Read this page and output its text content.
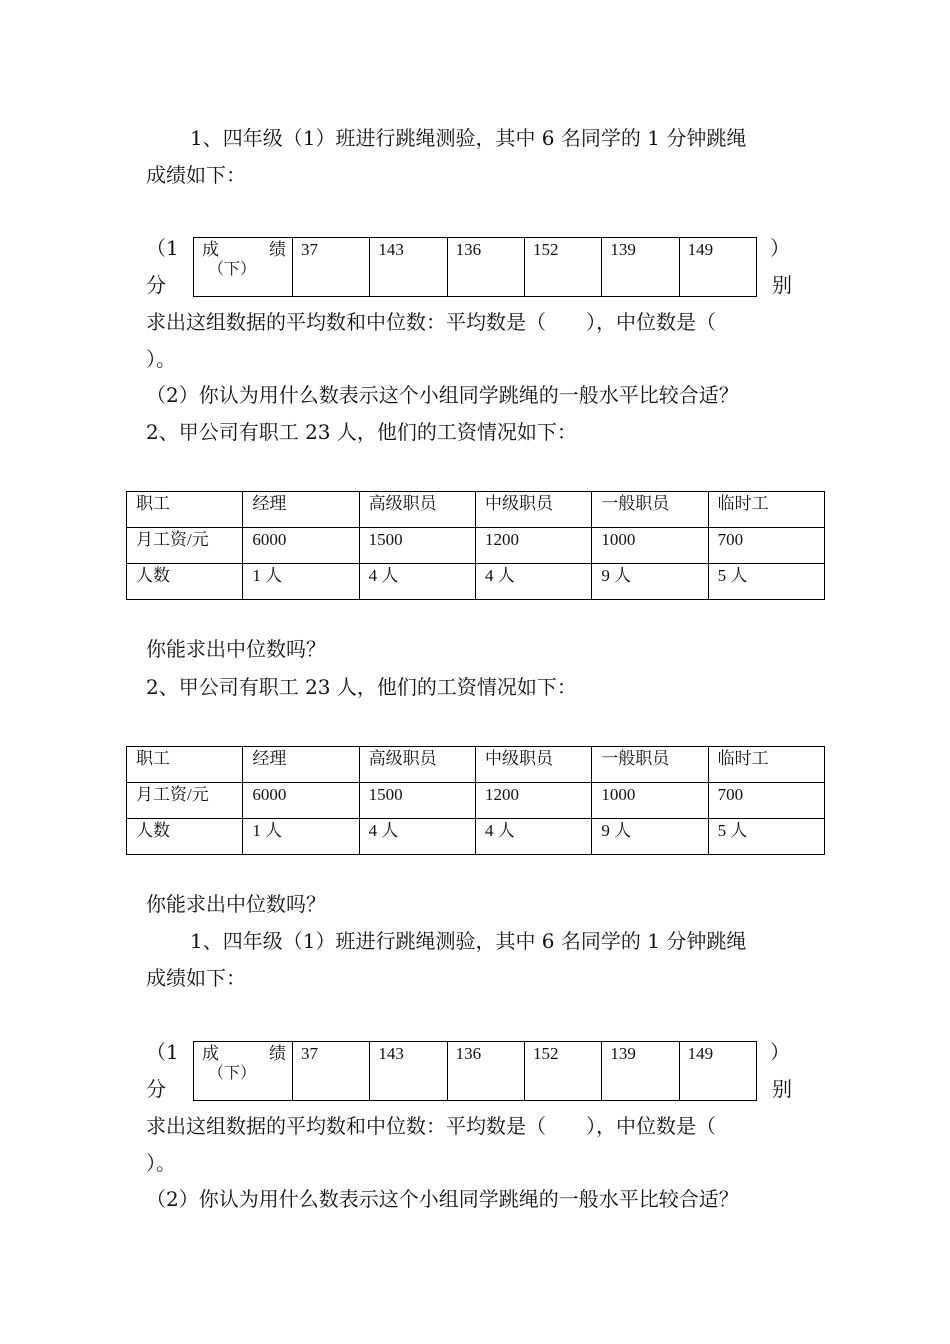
1、四年级（1）班进行跳绳测验，其中 6 名同学的 1 分钟跳绳
成绩如下：
（1
分
）
别
成	绩
（下）
	37	143	136	152	139	149
求出这组数据的平均数和中位数：平均数是（　　），中位数是（
）。
（2）你认为用什么数表示这个小组同学跳绳的一般水平比较合适？
2、甲公司有职工 23 人，他们的工资情况如下：
职工	经理	高级职员	中级职员	一般职员	临时工
月工资/元	6000	1500	1200	1000	700
人数	1 人	4 人	4 人	9 人	5 人
你能求出中位数吗？
2、甲公司有职工 23 人，他们的工资情况如下：
职工	经理	高级职员	中级职员	一般职员	临时工
月工资/元	6000	1500	1200	1000	700
人数	1 人	4 人	4 人	9 人	5 人
你能求出中位数吗？
1、四年级（1）班进行跳绳测验，其中 6 名同学的 1 分钟跳绳
成绩如下：
（1
分
）
别
成	绩
（下）
	37	143	136	152	139	149
求出这组数据的平均数和中位数：平均数是（　　），中位数是（
）。
（2）你认为用什么数表示这个小组同学跳绳的一般水平比较合适？
